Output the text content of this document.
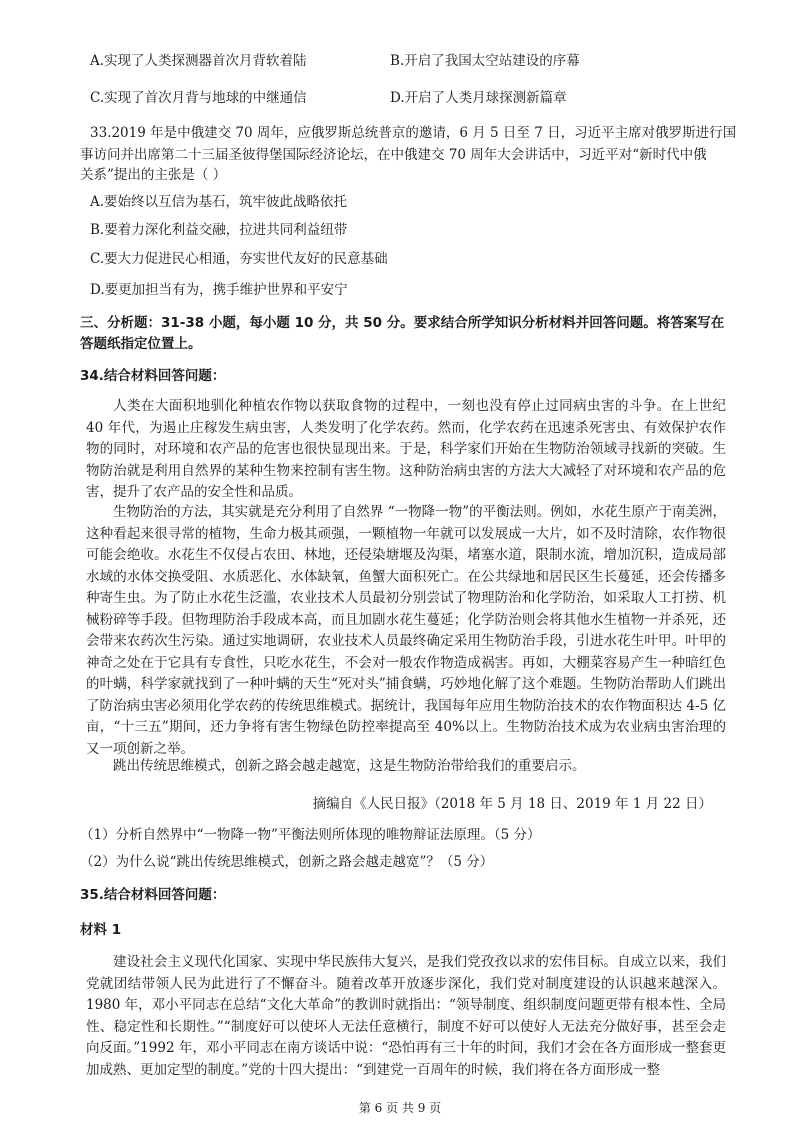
A.实现了人类探测器首次月背软着陆	B.开启了我国太空站建设的序幕
C.实现了首次月背与地球的中继通信	D.开启了人类月球探测新篇章
33.2019 年是中俄建交 70 周年，应俄罗斯总统普京的邀请，6 月 5 日至 7 日，习近平主席对俄罗斯进行国
事访问并出席第二十三届圣彼得堡国际经济论坛，在中俄建交 70 周年大会讲话中，习近平对“新时代中俄
关系”提出的主张是（ ）
A.要始终以互信为基石，筑牢彼此战略依托
B.要着力深化利益交融，拉进共同利益纽带
C.要大力促进民心相通，夯实世代友好的民意基础
D.要更加担当有为，携手维护世界和平安宁
三、分析题：31-38 小题，每小题 10 分，共 50 分。要求结合所学知识分析材料并回答问题。将答案写在
答题纸指定位置上。
34.结合材料回答问题：
人类在大面积地驯化种植农作物以获取食物的过程中，一刻也没有停止过同病虫害的斗争。在上世纪 40 年代，为遏止庄稼发生病虫害，人类发明了化学农药。然而，化学农药在迅速杀死害虫、有效保护农作物的同时，对环境和农产品的危害也很快显现出来。于是，科学家们开始在生物防治领域寻找新的突破。生物防治就是利用自然界的某种生物来控制有害生物。这种防治病虫害的方法大大减轻了对环境和农产品的危害，提升了农产品的安全性和品质。
生物防治的方法，其实就是充分利用了自然界 “一物降一物”的平衡法则。例如，水花生原产于南美洲，这种看起来很寻常的植物，生命力极其顽强，一颗植物一年就可以发展成一大片，如不及时清除，农作物很可能会绝收。水花生不仅侵占农田、林地，还侵染塘堰及沟渠，堵塞水道，限制水流，增加沉积，造成局部水域的水体交换受阻、水质恶化、水体缺氧，鱼蟹大面积死亡。在公共绿地和居民区生长蔓延，还会传播多种寄生虫。为了防止水花生泛滥，农业技术人员最初分别尝试了物理防治和化学防治，如采取人工打捞、机械粉碎等手段。但物理防治手段成本高，而且加剧水花生蔓延；化学防治则会将其他水生植物一并杀死，还会带来农药次生污染。通过实地调研，农业技术人员最终确定采用生物防治手段，引进水花生叶甲。叶甲的神奇之处在于它具有专食性，只吃水花生，不会对一般农作物造成祸害。再如，大棚菜容易产生一种暗红色的叶螨，科学家就找到了一种叶螨的天生“死对头”捕食螨，巧妙地化解了这个难题。生物防治帮助人们跳出了防治病虫害必须用化学农药的传统思维模式。据统计，我国每年应用生物防治技术的农作物面积达 4-5 亿亩，“十三五”期间，还力争将有害生物绿色防控率提高至 40%以上。生物防治技术成为农业病虫害治理的又一项创新之举。
跳出传统思维模式，创新之路会越走越宽，这是生物防治带给我们的重要启示。
摘编自《人民日报》（2018 年 5 月 18 日、2019 年 1 月 22 日）
（1）分析自然界中“一物降一物”平衡法则所体现的唯物辩证法原理。（5 分）
（2）为什么说“跳出传统思维模式，创新之路会越走越宽”？（5 分）
35.结合材料回答问题：
材料 1
建设社会主义现代化国家、实现中华民族伟大复兴，是我们党孜孜以求的宏伟目标。自成立以来，我们党就团结带领人民为此进行了不懈奋斗。随着改革开放逐步深化，我们党对制度建设的认识越来越深入。1980 年，邓小平同志在总结“文化大革命”的教训时就指出：“领导制度、组织制度问题更带有根本性、全局性、稳定性和长期性。”“制度好可以使坏人无法任意横行，制度不好可以使好人无法充分做好事，甚至会走向反面。”1992 年，邓小平同志在南方谈话中说：“恐怕再有三十年的时间，我们才会在各方面形成一整套更加成熟、更加定型的制度。”党的十四大提出：“到建党一百周年的时候，我们将在各方面形成一整
第 6 页 共 9 页
